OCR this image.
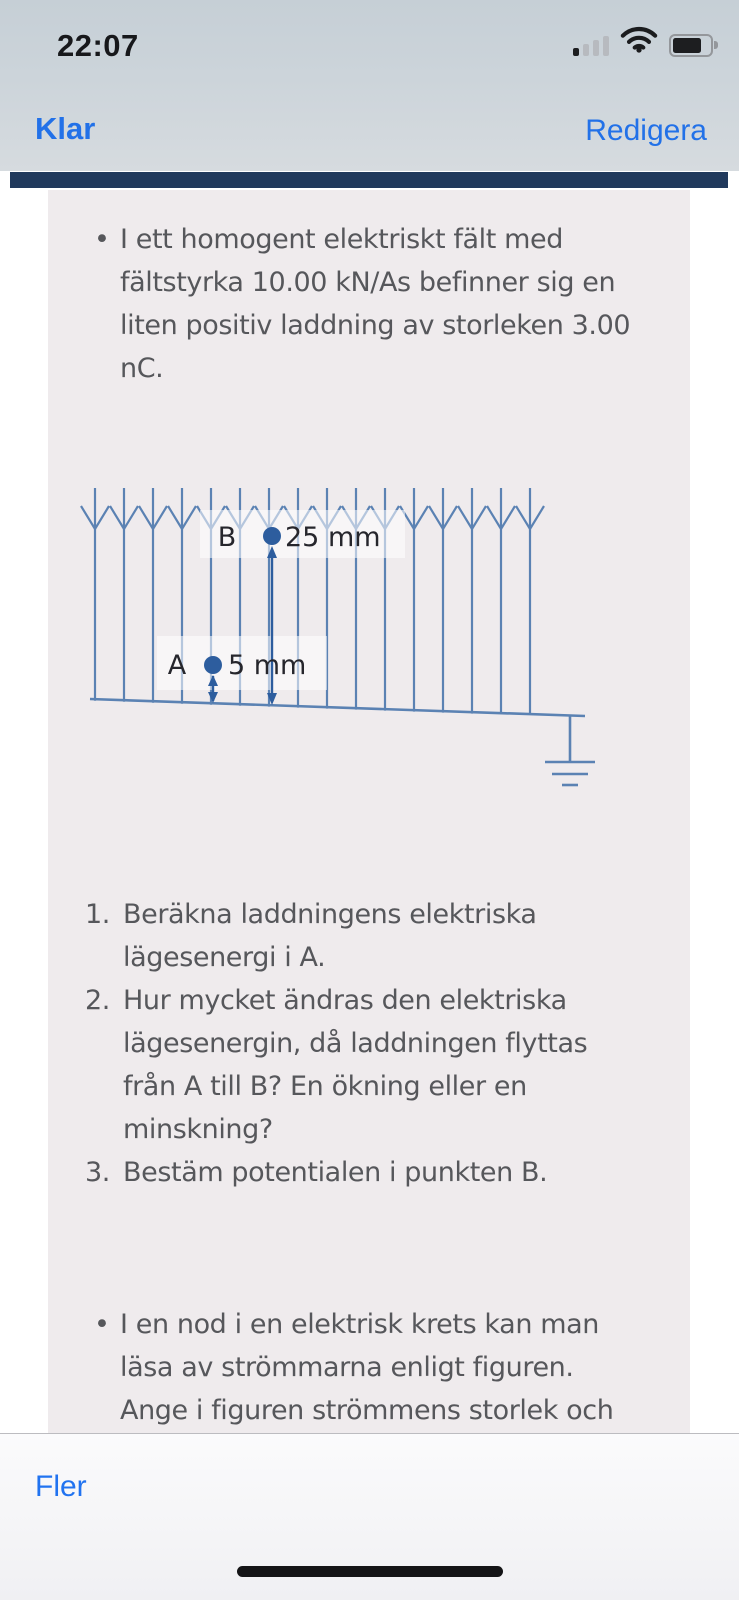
22:07
Klar	Redigera
• I ett homogent elektriskt fält med
fältstyrka 10.00 kN/As befinner sig en
liten positiv laddning av storleken 3.00
nC.
B 25 mm
A 5 mm
1. Beräkna laddningens elektriska
lägesenergi i A.
2. Hur mycket ändras den elektriska
lägesenergin, då laddningen flyttas
från A till B? En ökning eller en
minskning?
3. Bestäm potentialen i punkten B.
• I en nod i en elektrisk krets kan man
läsa av strömmarna enligt figuren.
Ange i figuren strömmens storlek och
Fler
